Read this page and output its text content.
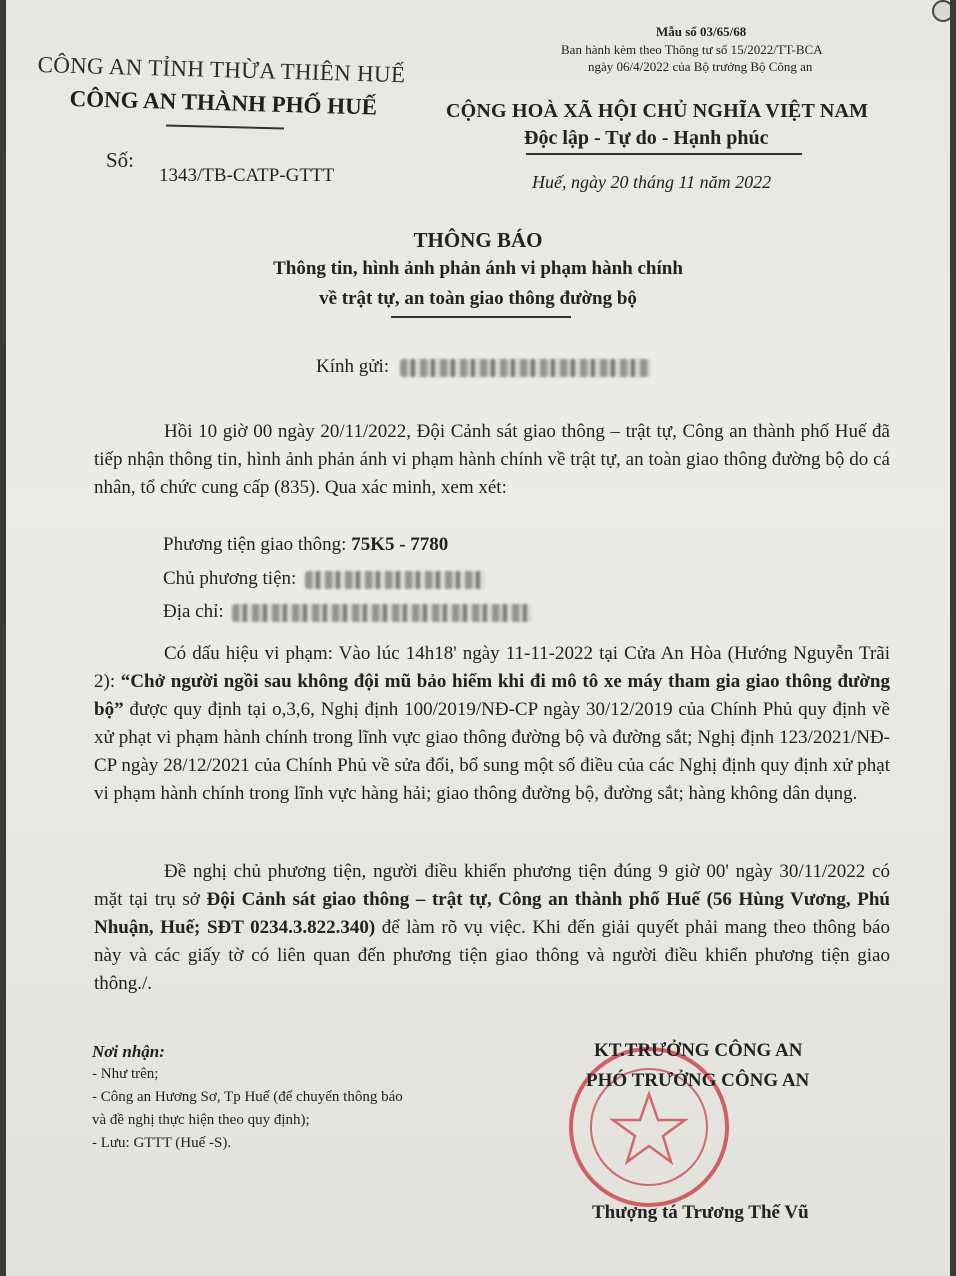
CÔNG AN TỈNH THỪA THIÊN HUẾ
CÔNG AN THÀNH PHỐ HUẾ
Số:
1343/TB-CATP-GTTT
Mẫu số 03/65/68
Ban hành kèm theo Thông tư số 15/2022/TT-BCA
ngày 06/4/2022 của Bộ trưởng Bộ Công an
CỘNG HOÀ XÃ HỘI CHỦ NGHĨA VIỆT NAM
Độc lập - Tự do - Hạnh phúc
Huế, ngày 20 tháng 11 năm 2022
THÔNG BÁO
Thông tin, hình ảnh phản ánh vi phạm hành chính
về trật tự, an toàn giao thông đường bộ
Kính gửi:
Hồi 10 giờ 00 ngày 20/11/2022, Đội Cảnh sát giao thông – trật tự, Công an thành phố Huế đã tiếp nhận thông tin, hình ảnh phản ánh vi phạm hành chính về trật tự, an toàn giao thông đường bộ do cá nhân, tổ chức cung cấp (835). Qua xác minh, xem xét:
Phương tiện giao thông: 75K5 - 7780
Chủ phương tiện:
Địa chỉ:
Có dấu hiệu vi phạm: Vào lúc 14h18' ngày 11-11-2022 tại Cửa An Hòa (Hướng Nguyễn Trãi 2): “Chở người ngồi sau không đội mũ bảo hiểm khi đi mô tô xe máy tham gia giao thông đường bộ” được quy định tại o,3,6, Nghị định 100/2019/NĐ-CP ngày 30/12/2019 của Chính Phủ quy định về xử phạt vi phạm hành chính trong lĩnh vực giao thông đường bộ và đường sắt; Nghị định 123/2021/NĐ-CP ngày 28/12/2021 của Chính Phủ về sửa đổi, bổ sung một số điều của các Nghị định quy định xử phạt vi phạm hành chính trong lĩnh vực hàng hải; giao thông đường bộ, đường sắt; hàng không dân dụng.
Đề nghị chủ phương tiện, người điều khiển phương tiện đúng 9 giờ 00' ngày 30/11/2022 có mặt tại trụ sở Đội Cảnh sát giao thông – trật tự, Công an thành phố Huế (56 Hùng Vương, Phú Nhuận, Huế; SĐT 0234.3.822.340) để làm rõ vụ việc. Khi đến giải quyết phải mang theo thông báo này và các giấy tờ có liên quan đến phương tiện giao thông và người điều khiển phương tiện giao thông./.
Nơi nhận:
- Như trên;
- Công an Hương Sơ, Tp Huế (để chuyển thông báo
và đề nghị thực hiện theo quy định);
- Lưu: GTTT (Huế -S).
KT.TRƯỞNG CÔNG AN
PHÓ TRƯỞNG CÔNG AN
Thượng tá Trương Thế Vũ
